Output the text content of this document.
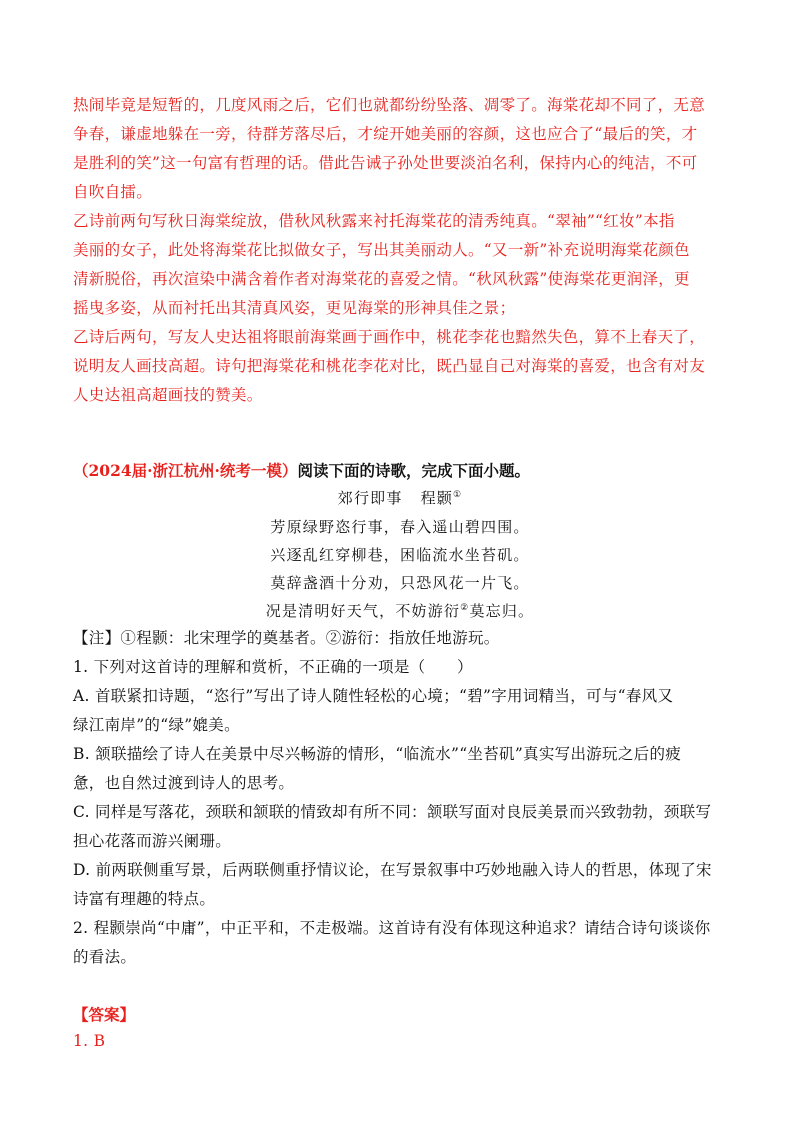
热闹毕竟是短暂的，几度风雨之后，它们也就都纷纷坠落、凋零了。海棠花却不同了，无意
争春，谦虚地躲在一旁，待群芳落尽后，才绽开她美丽的容颜，这也应合了“最后的笑，才
是胜利的笑”这一句富有哲理的话。借此告诫子孙处世要淡泊名利，保持内心的纯洁，不可
自吹自擂。
乙诗前两句写秋日海棠绽放，借秋风秋露来衬托海棠花的清秀纯真。“翠袖”“红妆”本指
美丽的女子，此处将海棠花比拟做女子，写出其美丽动人。“又一新”补充说明海棠花颜色
清新脱俗，再次渲染中满含着作者对海棠花的喜爱之情。“秋风秋露”使海棠花更润泽，更
摇曳多姿，从而衬托出其清真风姿，更见海棠的形神具佳之景；
乙诗后两句，写友人史达祖将眼前海棠画于画作中，桃花李花也黯然失色，算不上春天了，
说明友人画技高超。诗句把海棠花和桃花李花对比，既凸显自己对海棠的喜爱，也含有对友
人史达祖高超画技的赞美。
（2024届·浙江杭州·统考一模）阅读下面的诗歌，完成下面小题。
郊行即事 程颢①
芳原绿野恣行事，春入遥山碧四围。
兴逐乱红穿柳巷，困临流水坐苔矶。
莫辞盏酒十分劝，只恐风花一片飞。
况是清明好天气，不妨游衍②莫忘归。
【注】①程颢：北宋理学的奠基者。②游衍：指放任地游玩。
1. 下列对这首诗的理解和赏析，不正确的一项是（　　）
A. 首联紧扣诗题，“恣行”写出了诗人随性轻松的心境；“碧”字用词精当，可与“春风又
绿江南岸”的“绿”媲美。
B. 颔联描绘了诗人在美景中尽兴畅游的情形，“临流水”“坐苔矶”真实写出游玩之后的疲
惫，也自然过渡到诗人的思考。
C. 同样是写落花，颈联和颔联的情致却有所不同：颔联写面对良辰美景而兴致勃勃，颈联写
担心花落而游兴阑珊。
D. 前两联侧重写景，后两联侧重抒情议论，在写景叙事中巧妙地融入诗人的哲思，体现了宋
诗富有理趣的特点。
2. 程颢崇尚“中庸”，中正平和，不走极端。这首诗有没有体现这种追求？请结合诗句谈谈你
的看法。
【答案】
1. B
